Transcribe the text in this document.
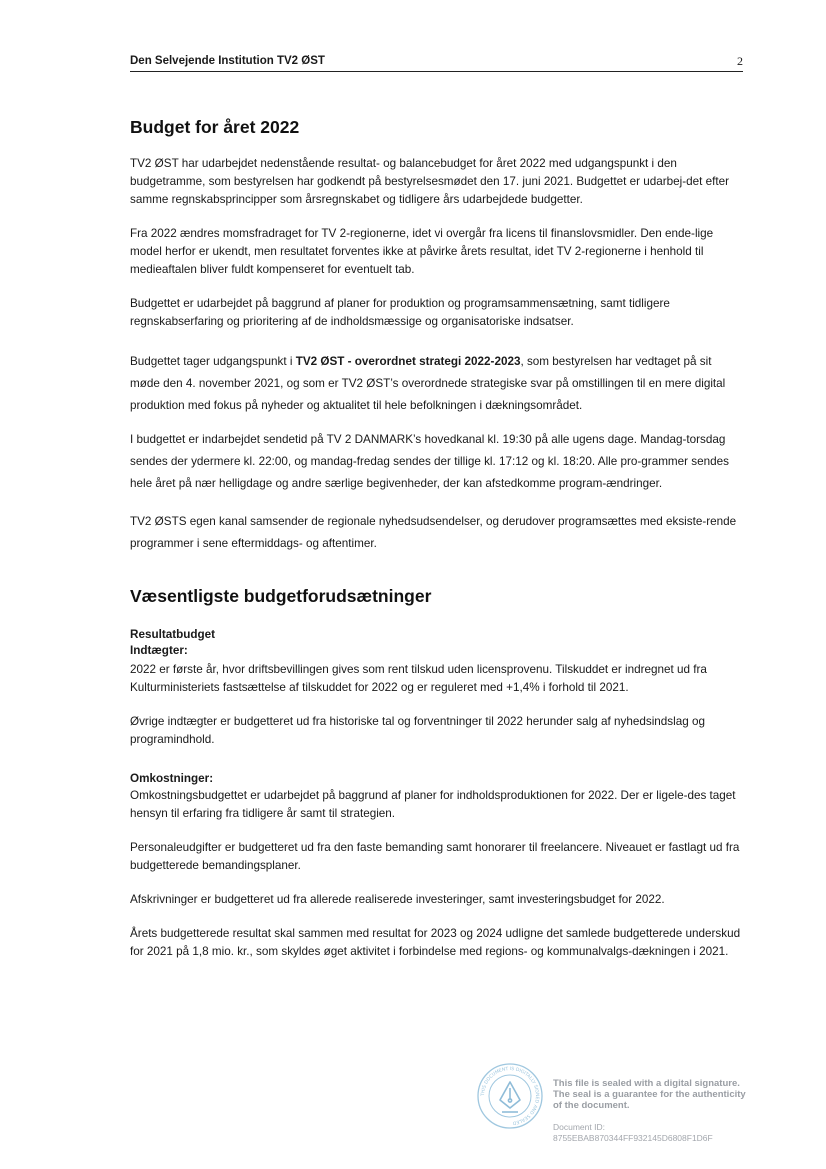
Den Selvejende Institution TV2 ØST	2
Budget for året 2022

TV2 ØST har udarbejdet nedenstående resultat- og balancebudget for året 2022 med udgangspunkt i den budgetramme, som bestyrelsen har godkendt på bestyrelsesmødet den 17. juni 2021. Budgettet er udarbej-det efter samme regnskabsprincipper som årsregnskabet og tidligere års udarbejdede budgetter.

Fra 2022 ændres momsfradraget for TV 2-regionerne, idet vi overgår fra licens til finanslovsmidler. Den ende-lige model herfor er ukendt, men resultatet forventes ikke at påvirke årets resultat, idet TV 2-regionerne i henhold til medieaftalen bliver fuldt kompenseret for eventuelt tab.

Budgettet er udarbejdet på baggrund af planer for produktion og programsammensætning, samt tidligere regnskabserfaring og prioritering af de indholdsmæssige og organisatoriske indsatser.

Budgettet tager udgangspunkt i TV2 ØST - overordnet strategi 2022-2023, som bestyrelsen har vedtaget på sit møde den 4. november 2021, og som er TV2 ØST’s overordnede strategiske svar på omstillingen til en mere digital produktion med fokus på nyheder og aktualitet til hele befolkningen i dækningsområdet.

I budgettet er indarbejdet sendetid på TV 2 DANMARK’s hovedkanal kl. 19:30 på alle ugens dage. Mandag-torsdag sendes der ydermere kl. 22:00, og mandag-fredag sendes der tillige kl. 17:12 og kl. 18:20. Alle pro-grammer sendes hele året på nær helligdage og andre særlige begivenheder, der kan afstedkomme program-ændringer.

TV2 ØSTS egen kanal samsender de regionale nyhedsudsendelser, og derudover programsættes med eksiste-rende programmer i sene eftermiddags- og aftentimer.

Væsentligste budgetforudsætninger
Resultatbudget
Indtægter:

2022 er første år, hvor driftsbevillingen gives som rent tilskud uden licensprovenu. Tilskuddet er indregnet ud fra Kulturministeriets fastsættelse af tilskuddet for 2022 og er reguleret med +1,4% i forhold til 2021.

Øvrige indtægter er budgetteret ud fra historiske tal og forventninger til 2022 herunder salg af nyhedsindslag og programindhold.

Omkostninger:

Omkostningsbudgettet er udarbejdet på baggrund af planer for indholdsproduktionen for 2022. Der er ligele-des taget hensyn til erfaring fra tidligere år samt til strategien.

Personaleudgifter er budgetteret ud fra den faste bemanding samt honorarer til freelancere. Niveauet er fastlagt ud fra budgetterede bemandingsplaner.

Afskrivninger er budgetteret ud fra allerede realiserede investeringer, samt investeringsbudget for 2022.

Årets budgetterede resultat skal sammen med resultat for 2023 og 2024 udligne det samlede budgetterede underskud for 2021 på 1,8 mio. kr., som skyldes øget aktivitet i forbindelse med regions- og kommunalvalgs-dækningen i 2021.

THIS DOCUMENT IS DIGITALLY SIGNED AND SEALED
This file is sealed with a digital signature.
The seal is a guarantee for the authenticity
of the document.
Document ID:
8755EBAB870344FF932145D6808F1D6F
